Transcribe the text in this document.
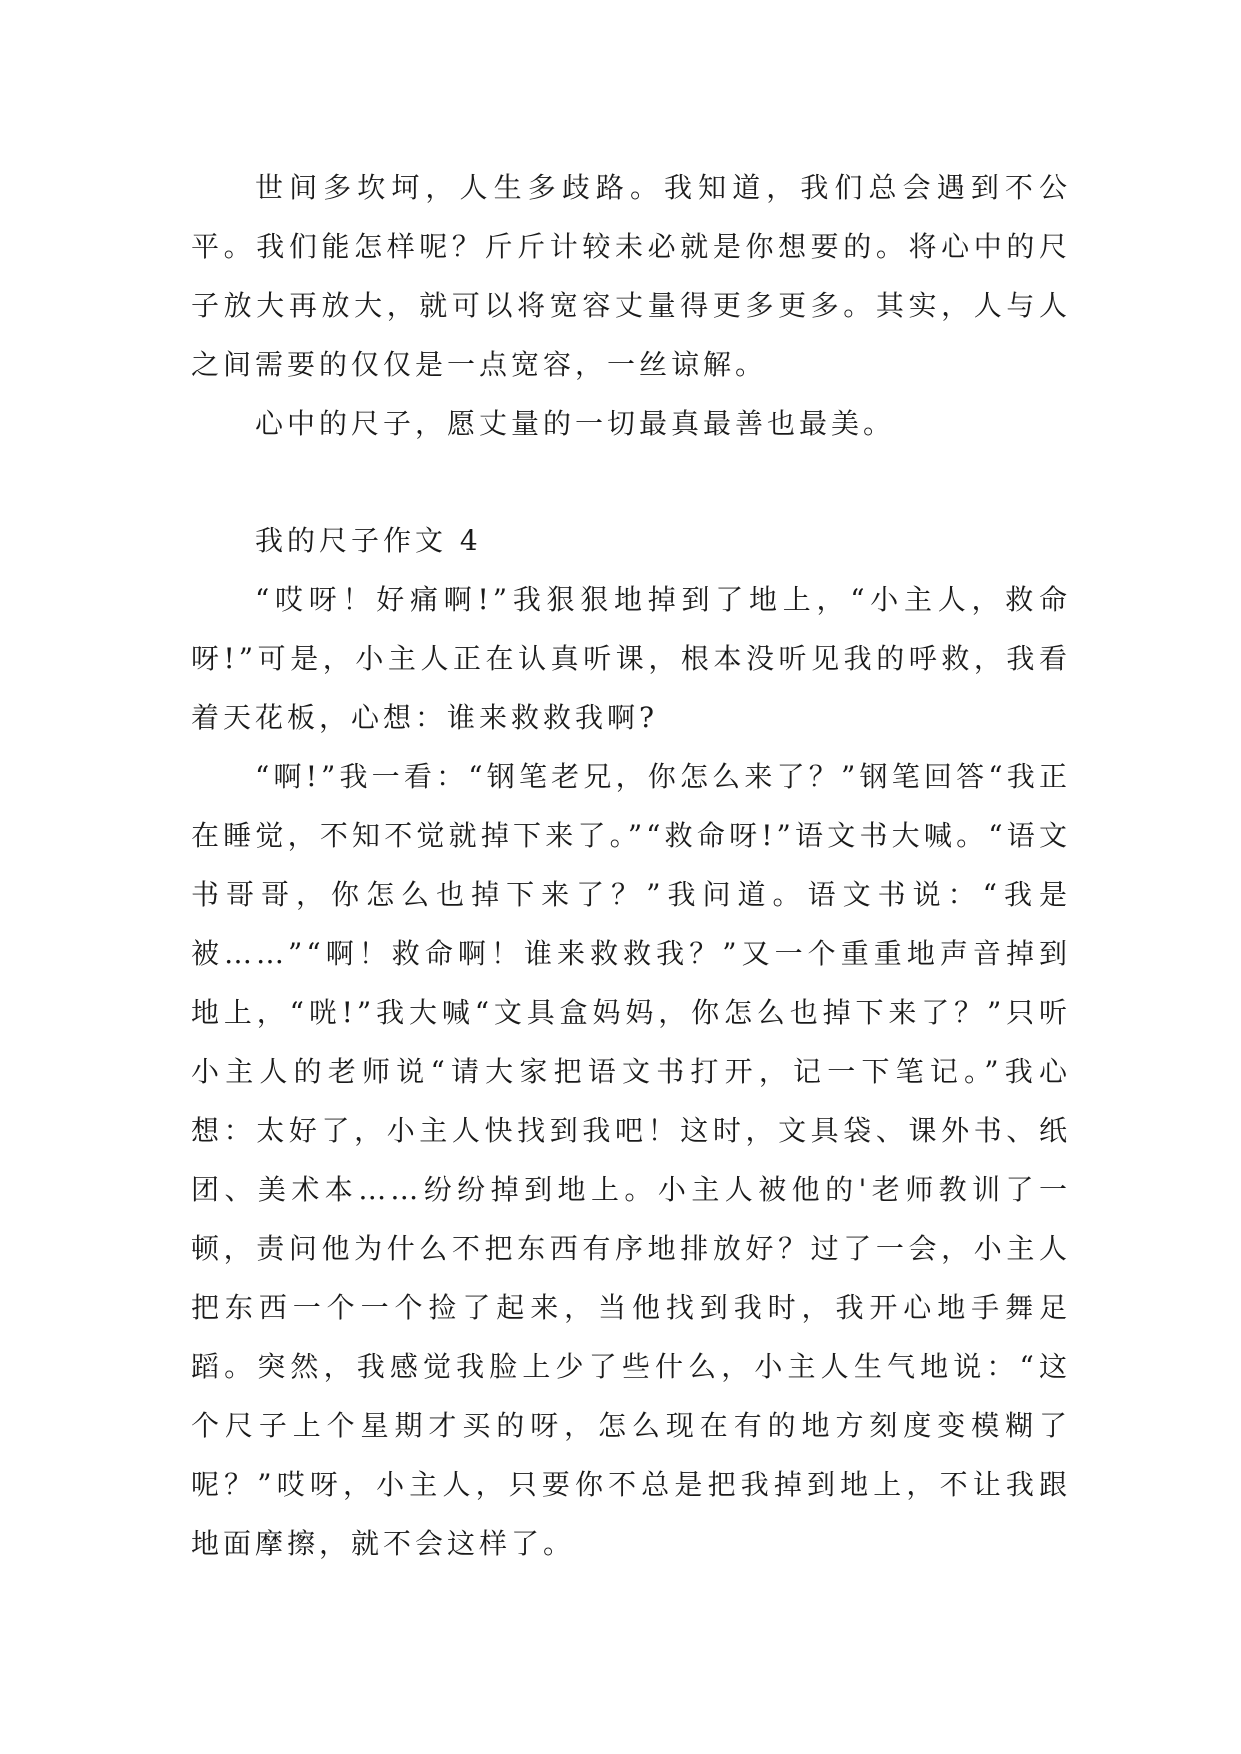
世间多坎坷，人生多歧路。我知道，我们总会遇到不公平。我们能怎样呢？斤斤计较未必就是你想要的。将心中的尺子放大再放大，就可以将宽容丈量得更多更多。其实，人与人之间需要的仅仅是一点宽容，一丝谅解。

心中的尺子，愿丈量的一切最真最善也最美。

我的尺子作文 4

“哎呀！好痛啊!”我狠狠地掉到了地上，“小主人，救命呀!”可是，小主人正在认真听课，根本没听见我的呼救，我看着天花板，心想：谁来救救我啊?

“啊!”我一看：“钢笔老兄，你怎么来了？”钢笔回答“我正在睡觉，不知不觉就掉下来了。”“救命呀!”语文书大喊。“语文书哥哥，你怎么也掉下来了？”我问道。语文书说：“我是被……”“啊！救命啊！谁来救救我？”又一个重重地声音掉到地上，“咣!”我大喊“文具盒妈妈，你怎么也掉下来了？”只听小主人的老师说“请大家把语文书打开，记一下笔记。”我心想：太好了，小主人快找到我吧！这时，文具袋、课外书、纸团、美术本……纷纷掉到地上。小主人被他的'老师教训了一顿，责问他为什么不把东西有序地排放好？过了一会，小主人把东西一个一个捡了起来，当他找到我时，我开心地手舞足蹈。突然，我感觉我脸上少了些什么，小主人生气地说：“这个尺子上个星期才买的呀，怎么现在有的地方刻度变模糊了呢？”哎呀，小主人，只要你不总是把我掉到地上，不让我跟地面摩擦，就不会这样了。
